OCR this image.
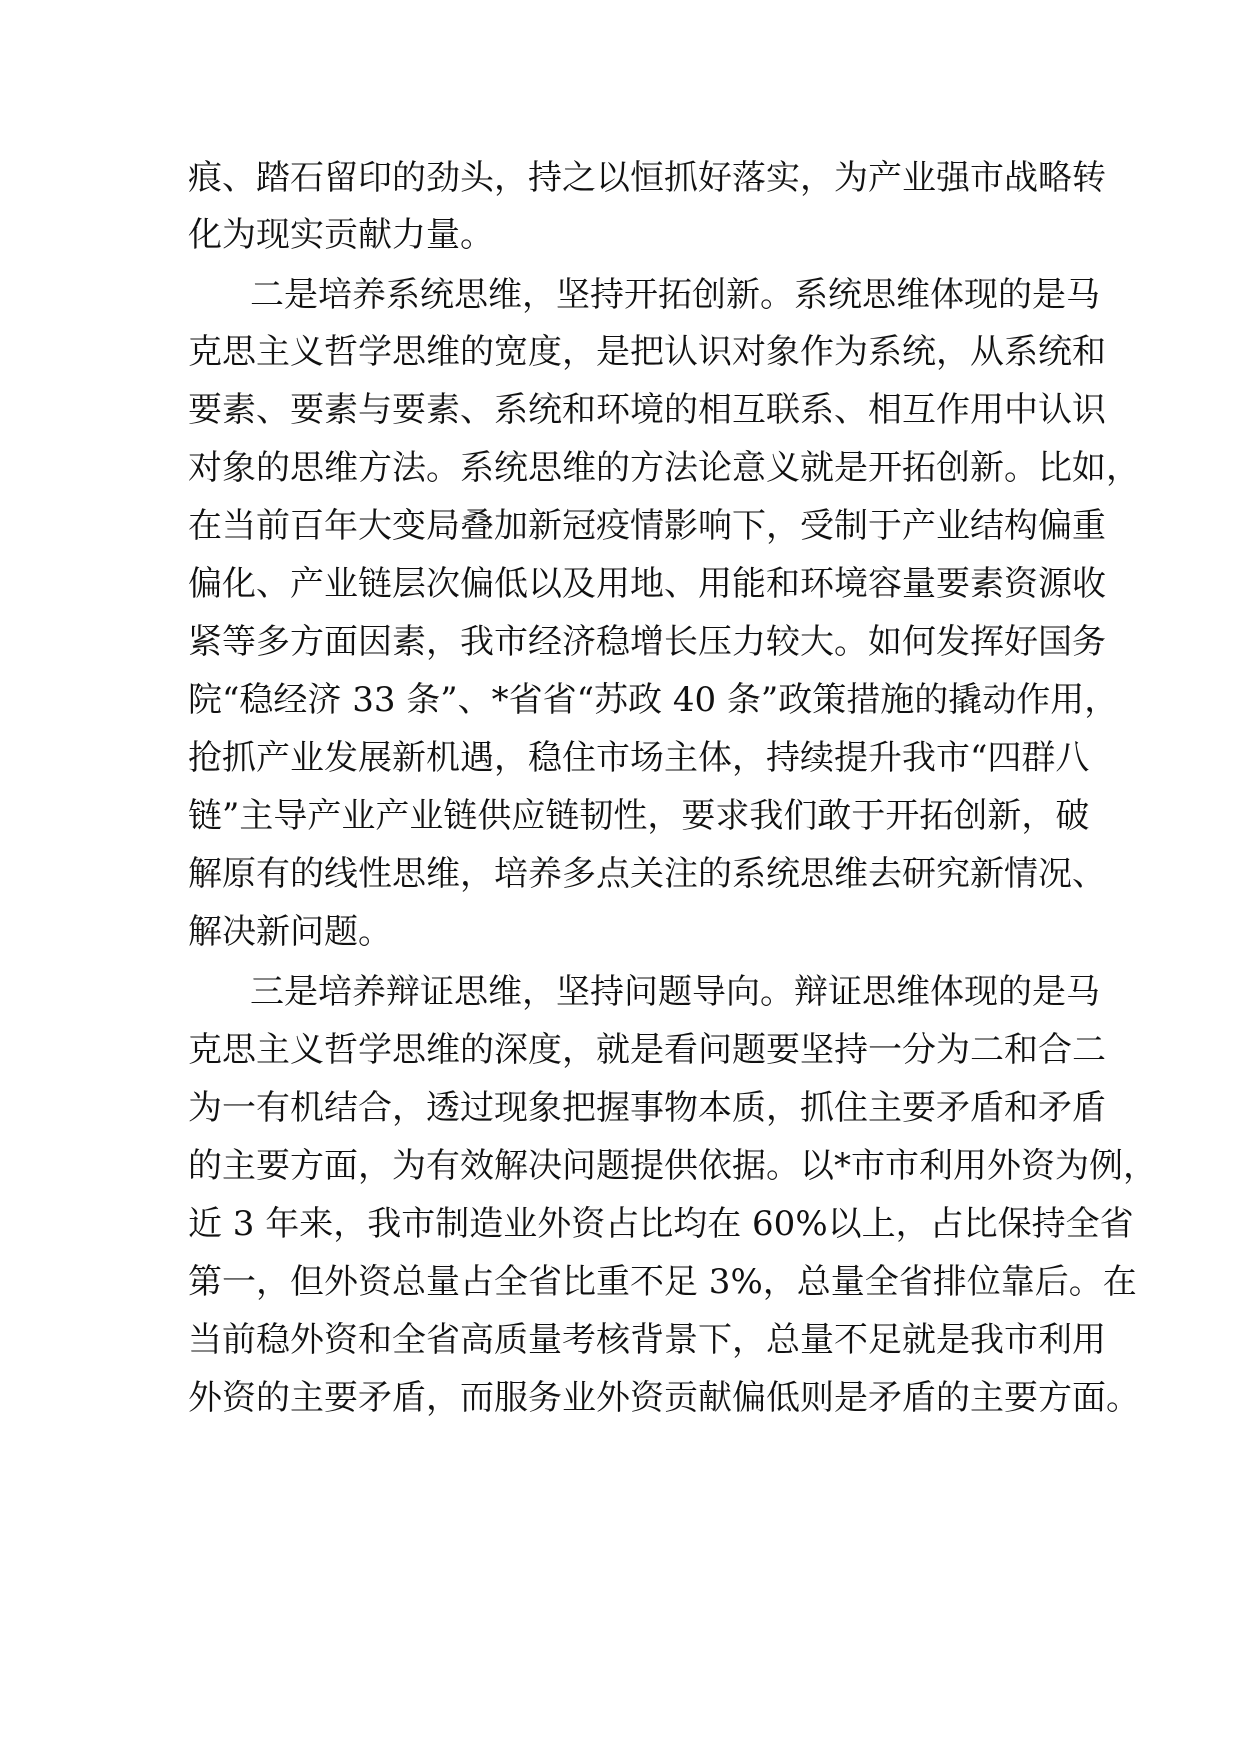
痕、踏石留印的劲头，持之以恒抓好落实，为产业强市战略转
化为现实贡献力量。
二是培养系统思维，坚持开拓创新。系统思维体现的是马
克思主义哲学思维的宽度，是把认识对象作为系统，从系统和
要素、要素与要素、系统和环境的相互联系、相互作用中认识
对象的思维方法。系统思维的方法论意义就是开拓创新。比如，
在当前百年大变局叠加新冠疫情影响下，受制于产业结构偏重
偏化、产业链层次偏低以及用地、用能和环境容量要素资源收
紧等多方面因素，我市经济稳增长压力较大。如何发挥好国务
院“稳经济 33 条”、*省省“苏政 40 条”政策措施的撬动作用，
抢抓产业发展新机遇，稳住市场主体，持续提升我市“四群八
链”主导产业产业链供应链韧性，要求我们敢于开拓创新，破
解原有的线性思维，培养多点关注的系统思维去研究新情况、
解决新问题。
三是培养辩证思维，坚持问题导向。辩证思维体现的是马
克思主义哲学思维的深度，就是看问题要坚持一分为二和合二
为一有机结合，透过现象把握事物本质，抓住主要矛盾和矛盾
的主要方面，为有效解决问题提供依据。以*市市利用外资为例，
近 3 年来，我市制造业外资占比均在 60%以上，占比保持全省
第一，但外资总量占全省比重不足 3%，总量全省排位靠后。在
当前稳外资和全省高质量考核背景下，总量不足就是我市利用
外资的主要矛盾，而服务业外资贡献偏低则是矛盾的主要方面。
